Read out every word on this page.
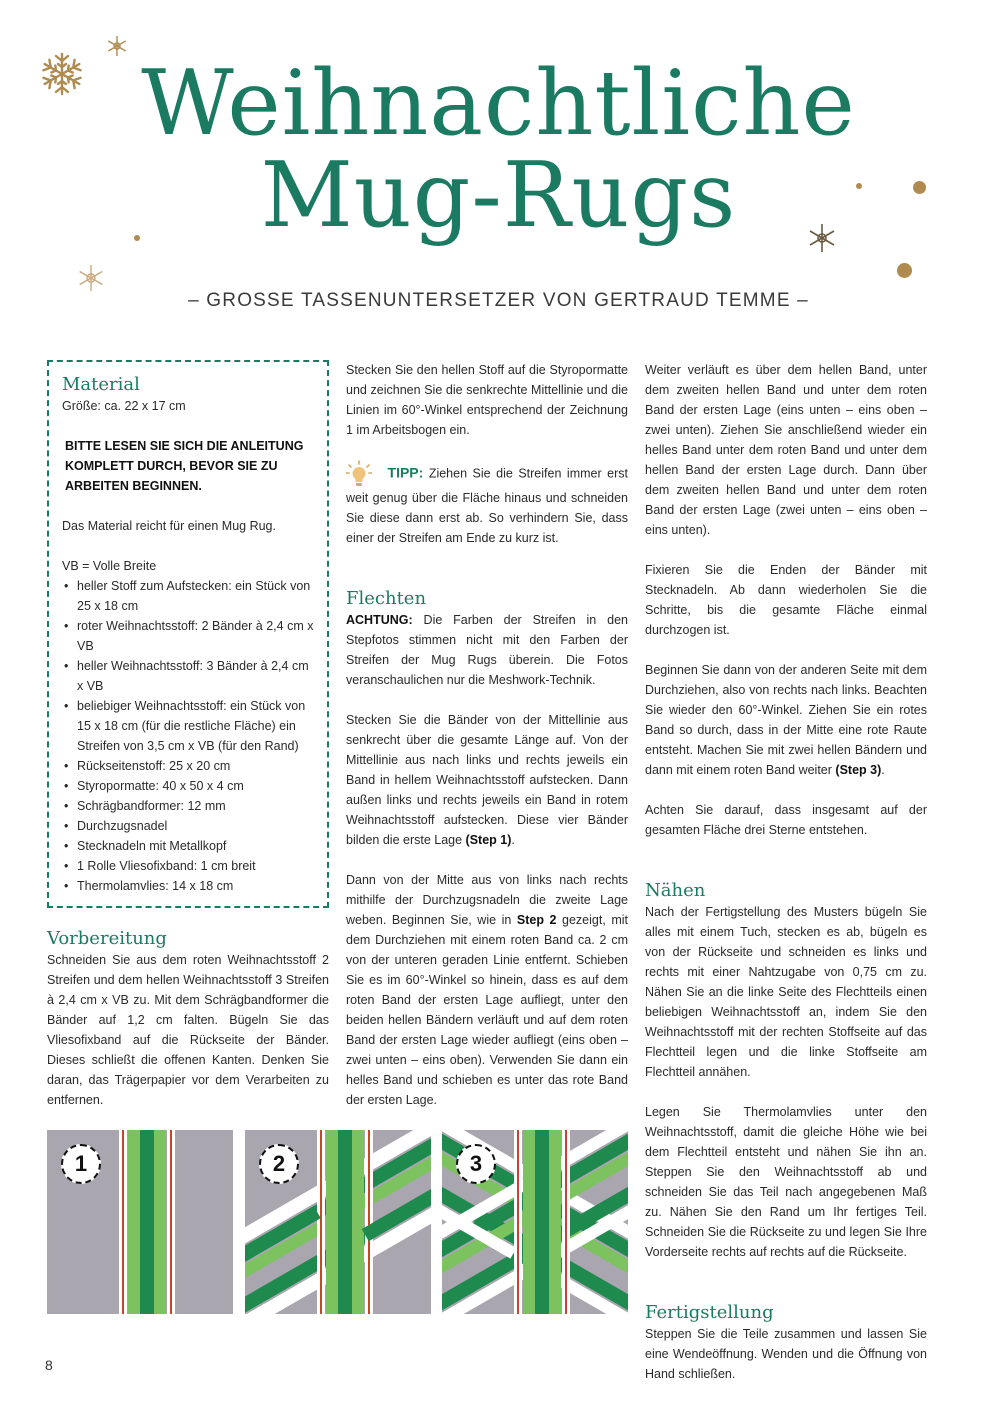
Weihnachtliche
Mug-Rugs
– GROSSE TASSENUNTERSETZER VON GERTRAUD TEMME –
Material
Größe: ca. 22 x 17 cm
BITTE LESEN SIE SICH DIE ANLEITUNG KOMPLETT DURCH, BEVOR SIE ZU ARBEITEN BEGINNEN.
Das Material reicht für einen Mug Rug.
VB = Volle Breite
• heller Stoff zum Aufstecken: ein Stück von 25 x 18 cm
• roter Weihnachtsstoff: 2 Bänder à 2,4 cm x VB
• heller Weihnachtsstoff: 3 Bänder à 2,4 cm x VB
• beliebiger Weihnachtsstoff: ein Stück von 15 x 18 cm (für die restliche Fläche) ein Streifen von 3,5 cm x VB (für den Rand)
• Rückseitenstoff: 25 x 20 cm
• Styropormatte: 40 x 50 x 4 cm
• Schrägbandformer: 12 mm
• Durchzugsnadel
• Stecknadeln mit Metallkopf
• 1 Rolle Vliesofixband: 1 cm breit
• Thermolamvlies: 14 x 18 cm
Vorbereitung

Schneiden Sie aus dem roten Weihnachtsstoff 2 Streifen und dem hellen Weihnachtsstoff 3 Streifen à 2,4 cm x VB zu. Mit dem Schrägbandformer die Bänder auf 1,2 cm falten. Bügeln Sie das Vliesofixband auf die Rückseite der Bänder. Dieses schließt die offenen Kanten. Denken Sie daran, das Trägerpapier vor dem Verarbeiten zu entfernen.

Stecken Sie den hellen Stoff auf die Styropormatte und zeichnen Sie die senkrechte Mittellinie und die Linien im 60°-Winkel entsprechend der Zeichnung 1 im Arbeitsbogen ein.

TIPP: Ziehen Sie die Streifen immer erst weit genug über die Fläche hinaus und schneiden Sie diese dann erst ab. So verhindern Sie, dass einer der Streifen am Ende zu kurz ist.

Flechten

ACHTUNG: Die Farben der Streifen in den Stepfotos stimmen nicht mit den Farben der Streifen der Mug Rugs überein. Die Fotos veranschaulichen nur die Meshwork-Technik.

Stecken Sie die Bänder von der Mittellinie aus senkrecht über die gesamte Länge auf. Von der Mittellinie aus nach links und rechts jeweils ein Band in hellem Weihnachtsstoff aufstecken. Dann außen links und rechts jeweils ein Band in rotem Weihnachtsstoff aufstecken. Diese vier Bänder bilden die erste Lage (Step 1).

Dann von der Mitte aus von links nach rechts mithilfe der Durchzugsnadeln die zweite Lage weben. Beginnen Sie, wie in Step 2 gezeigt, mit dem Durchziehen mit einem roten Band ca. 2 cm von der unteren geraden Linie entfernt. Schieben Sie es im 60°-Winkel so hinein, dass es auf dem roten Band der ersten Lage aufliegt, unter den beiden hellen Bändern verläuft und auf dem roten Band der ersten Lage wieder aufliegt (eins oben – zwei unten – eins oben). Verwenden Sie dann ein helles Band und schieben es unter das rote Band der ersten Lage.

Weiter verläuft es über dem hellen Band, unter dem zweiten hellen Band und unter dem roten Band der ersten Lage (eins unten – eins oben – zwei unten). Ziehen Sie anschließend wieder ein helles Band unter dem roten Band und unter dem hellen Band der ersten Lage durch. Dann über dem zweiten hellen Band und unter dem roten Band der ersten Lage (zwei unten – eins oben – eins unten).

Fixieren Sie die Enden der Bänder mit Stecknadeln. Ab dann wiederholen Sie die Schritte, bis die gesamte Fläche einmal durchzogen ist.

Beginnen Sie dann von der anderen Seite mit dem Durchziehen, also von rechts nach links. Beachten Sie wieder den 60°-Winkel. Ziehen Sie ein rotes Band so durch, dass in der Mitte eine rote Raute entsteht. Machen Sie mit zwei hellen Bändern und dann mit einem roten Band weiter (Step 3).

Achten Sie darauf, dass insgesamt auf der gesamten Fläche drei Sterne entstehen.

Nähen

Nach der Fertigstellung des Musters bügeln Sie alles mit einem Tuch, stecken es ab, bügeln es von der Rückseite und schneiden es links und rechts mit einer Nahtzugabe von 0,75 cm zu. Nähen Sie an die linke Seite des Flechtteils einen beliebigen Weihnachtsstoff an, indem Sie den Weihnachtsstoff mit der rechten Stoffseite auf das Flechtteil legen und die linke Stoffseite am Flechtteil annähen.

Legen Sie Thermolamvlies unter den Weihnachtsstoff, damit die gleiche Höhe wie bei dem Flechtteil entsteht und nähen Sie ihn an. Steppen Sie den Weihnachtsstoff ab und schneiden Sie das Teil nach angegebenen Maß zu. Nähen Sie den Rand um Ihr fertiges Teil. Schneiden Sie die Rückseite zu und legen Sie Ihre Vorderseite rechts auf rechts auf die Rückseite.

Fertigstellung

Steppen Sie die Teile zusammen und lassen Sie eine Wendeöffnung. Wenden und die Öffnung von Hand schließen.

1	2	3
8
